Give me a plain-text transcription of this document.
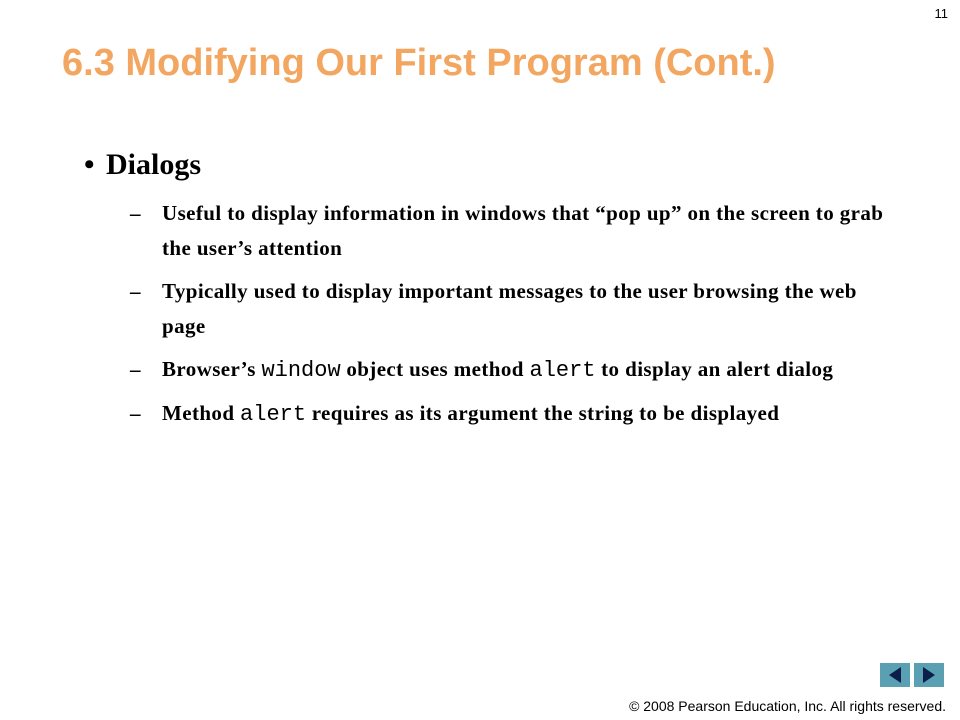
11
6.3 Modifying Our First Program (Cont.)
• Dialogs
–	Useful to display information in windows that “pop up” on the screen to grab the user’s attention
–	Typically used to display important messages to the user browsing the web page
–	Browser’s window object uses method alert to display an alert dialog
–	Method alert requires as its argument the string to be displayed
© 2008 Pearson Education, Inc. All rights reserved.
